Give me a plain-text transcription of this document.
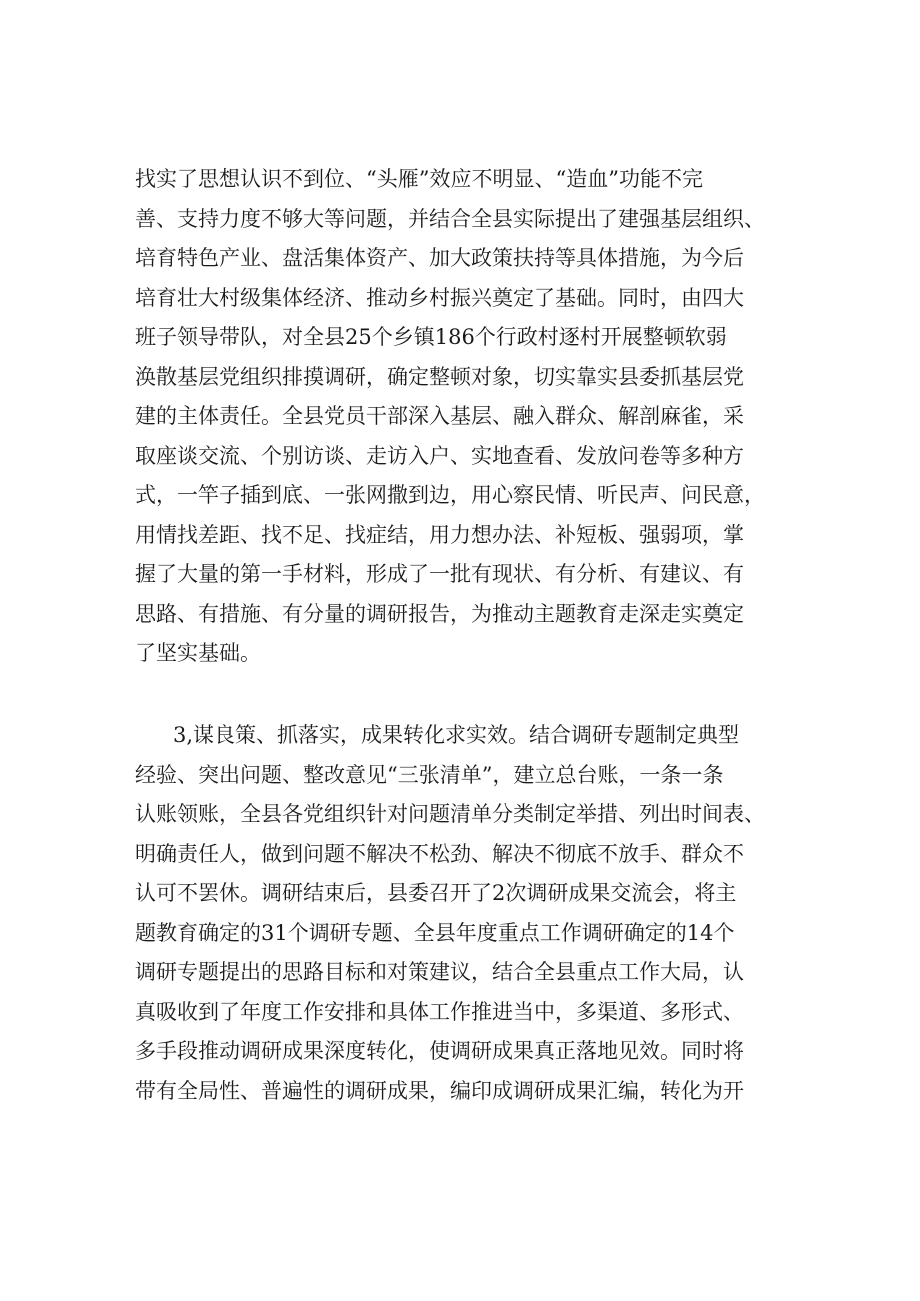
找实了思想认识不到位、“头雁”效应不明显、“造血”功能不完
善、支持力度不够大等问题，并结合全县实际提出了建强基层组织、
培育特色产业、盘活集体资产、加大政策扶持等具体措施，为今后
培育壮大村级集体经济、推动乡村振兴奠定了基础。同时，由四大
班子领导带队，对全县25个乡镇186个行政村逐村开展整顿软弱
涣散基层党组织排摸调研，确定整顿对象，切实靠实县委抓基层党
建的主体责任。全县党员干部深入基层、融入群众、解剖麻雀，采
取座谈交流、个别访谈、走访入户、实地查看、发放问卷等多种方
式，一竿子插到底、一张网撒到边，用心察民情、听民声、问民意，
用情找差距、找不足、找症结，用力想办法、补短板、强弱项，掌
握了大量的第一手材料，形成了一批有现状、有分析、有建议、有
思路、有措施、有分量的调研报告，为推动主题教育走深走实奠定
了坚实基础。
3,谋良策、抓落实，成果转化求实效。结合调研专题制定典型
经验、突出问题、整改意见“三张清单”，建立总台账，一条一条
认账领账，全县各党组织针对问题清单分类制定举措、列出时间表、
明确责任人，做到问题不解决不松劲、解决不彻底不放手、群众不
认可不罢休。调研结束后，县委召开了2次调研成果交流会，将主
题教育确定的31个调研专题、全县年度重点工作调研确定的14个
调研专题提出的思路目标和对策建议，结合全县重点工作大局，认
真吸收到了年度工作安排和具体工作推进当中，多渠道、多形式、
多手段推动调研成果深度转化，使调研成果真正落地见效。同时将
带有全局性、普遍性的调研成果，编印成调研成果汇编，转化为开
